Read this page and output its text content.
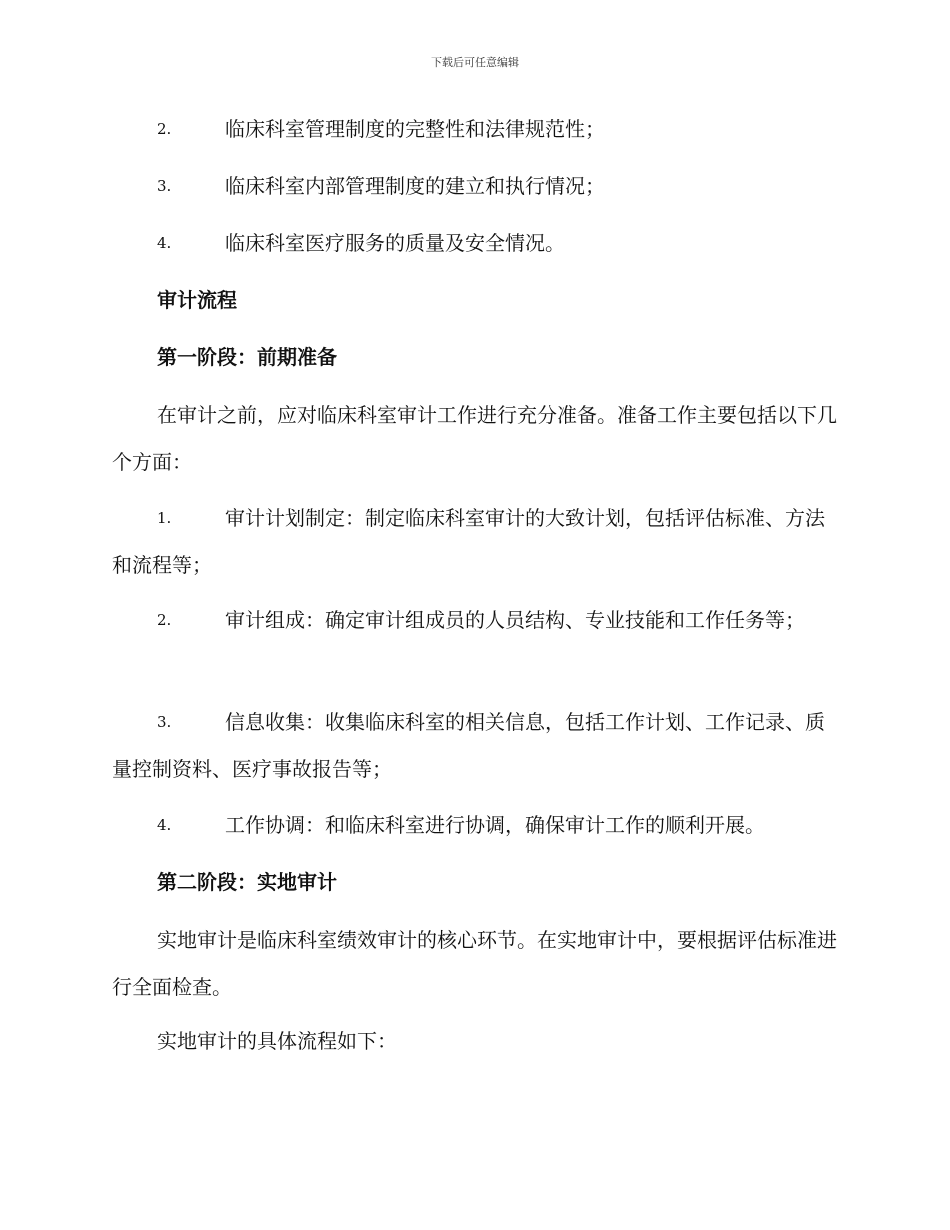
下载后可任意编辑
2.	临床科室管理制度的完整性和法律规范性；
3.	临床科室内部管理制度的建立和执行情况；
4.	临床科室医疗服务的质量及安全情况。
审计流程
第一阶段：前期准备

在审计之前，应对临床科室审计工作进行充分准备。准备工作主要包括以下几个方面：

1.	审计计划制定：制定临床科室审计的大致计划，包括评估标准、方法和流程等；
2.	审计组成：确定审计组成员的人员结构、专业技能和工作任务等；
3.	信息收集：收集临床科室的相关信息，包括工作计划、工作记录、质量控制资料、医疗事故报告等；
4.	工作协调：和临床科室进行协调，确保审计工作的顺利开展。
第二阶段：实地审计

实地审计是临床科室绩效审计的核心环节。在实地审计中，要根据评估标准进行全面检查。

实地审计的具体流程如下：
